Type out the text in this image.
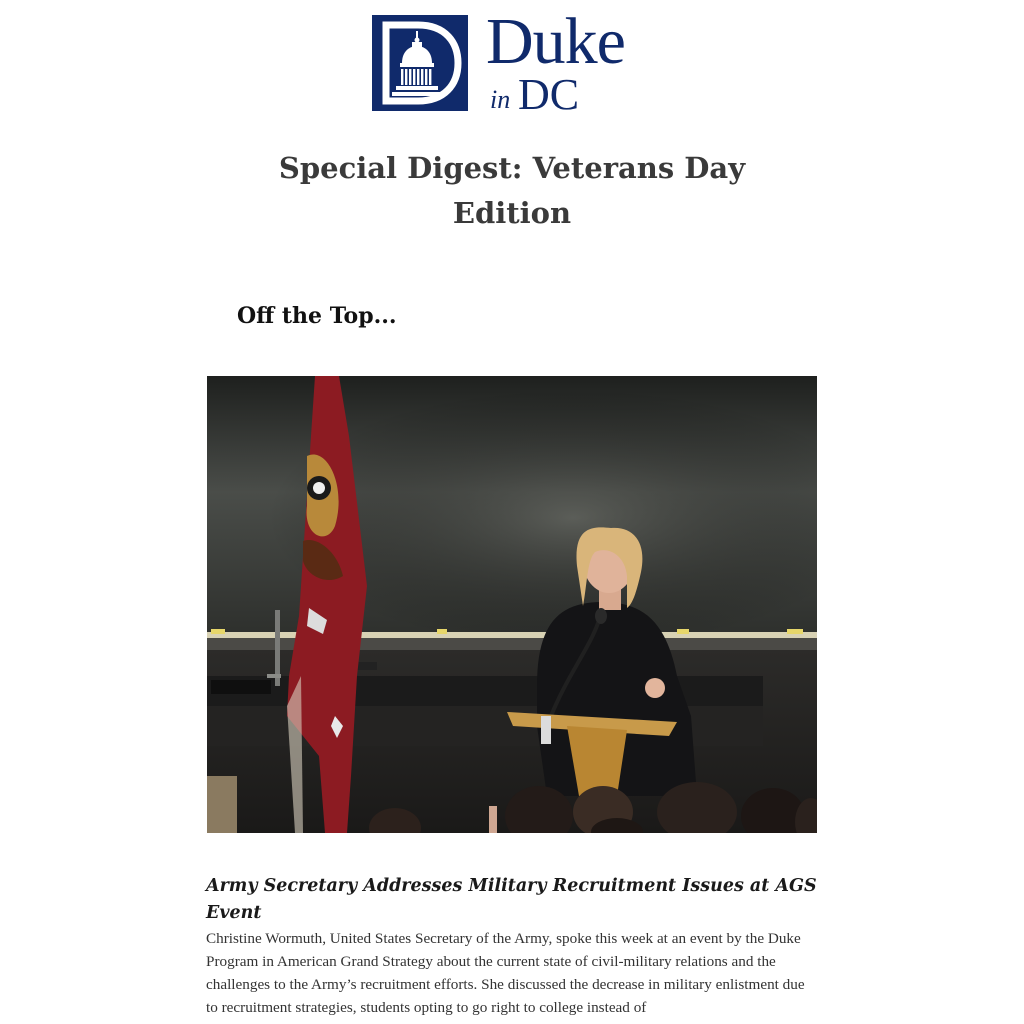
Duke
in DC
Special Digest: Veterans Day Edition
Off the Top...
Army Secretary Addresses Military Recruitment Issues at AGS Event

Christine Wormuth, United States Secretary of the Army, spoke this week at an event by the Duke Program in American Grand Strategy about the current state of civil-military relations and the challenges to the Army’s recruitment efforts. She discussed the decrease in military enlistment due to recruitment strategies, students opting to go right to college instead of
